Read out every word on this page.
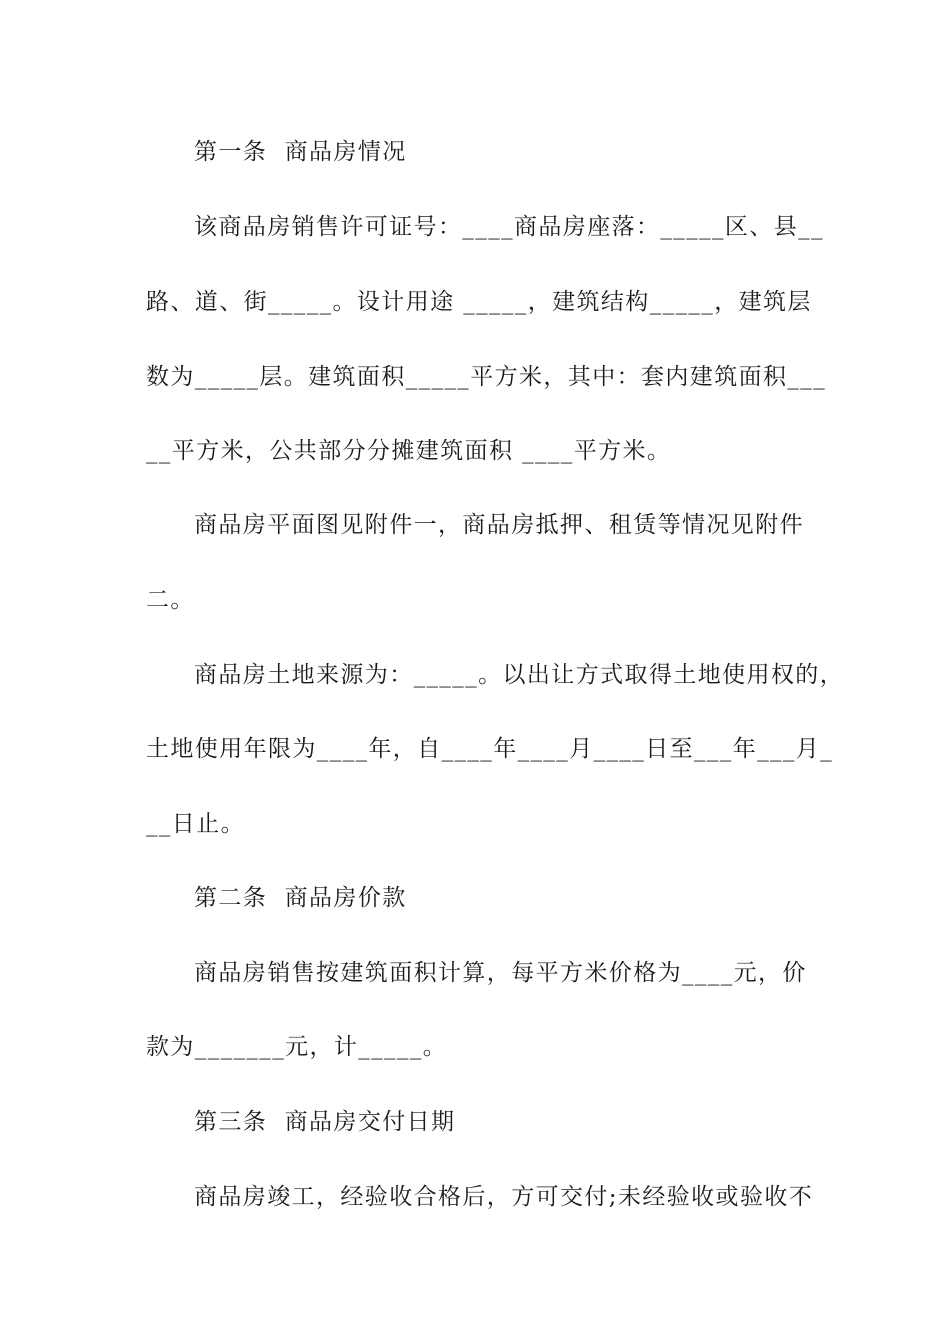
第一条  商品房情况
该商品房销售许可证号：____商品房座落：_____区、县__
路、道、街_____。设计用途 _____，建筑结构_____，建筑层
数为_____层。建筑面积_____平方米，其中：套内建筑面积___
__平方米，公共部分分摊建筑面积 ____平方米。
商品房平面图见附件一，商品房抵押、租赁等情况见附件
二。
商品房土地来源为：_____。以出让方式取得土地使用权的，
土地使用年限为____年，自____年____月____日至___年___月_
__日止。
第二条  商品房价款
商品房销售按建筑面积计算，每平方米价格为____元，价
款为_______元，计_____。
第三条  商品房交付日期
商品房竣工，经验收合格后，方可交付;未经验收或验收不
